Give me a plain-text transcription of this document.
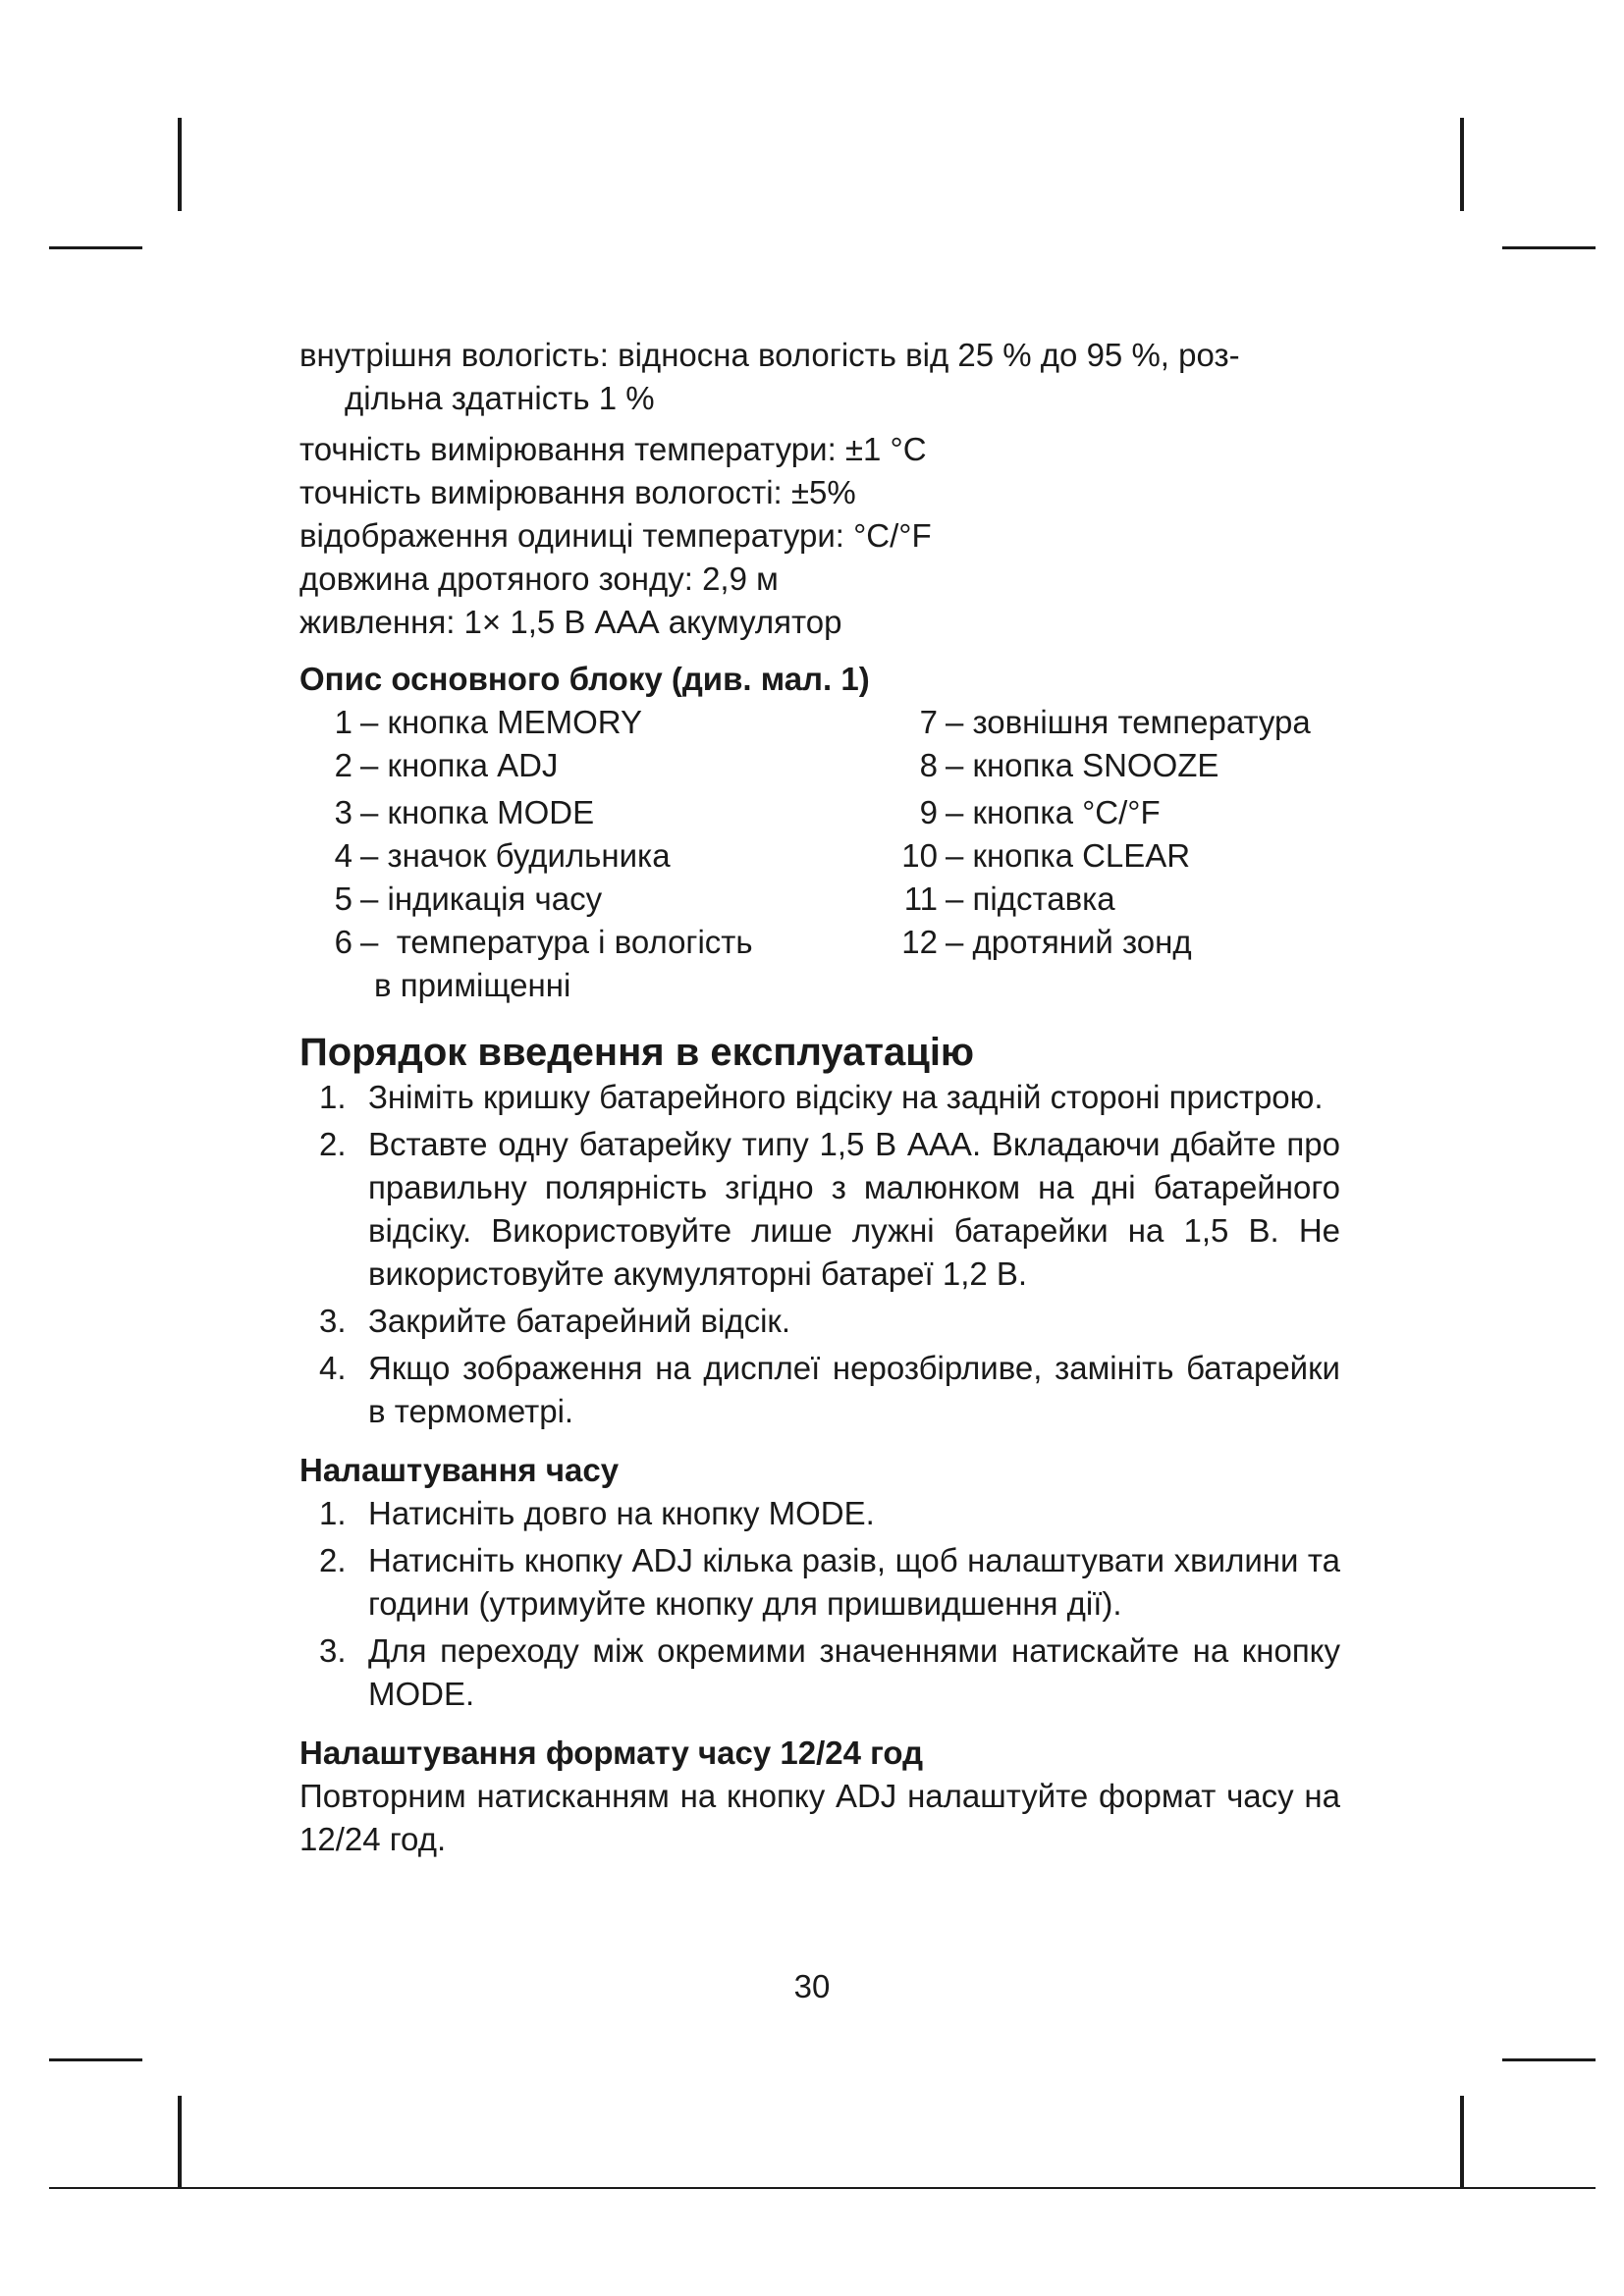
внутрішня вологість: відносна вологість від 25 % до 95 %, роз-
дільна здатність 1 %
точність вимірювання температури: ±1 °C
точність вимірювання вологості: ±5%
відображення одиниці температури: °C/°F
довжина дротяного зонду: 2,9 м
живлення: 1× 1,5 В ААА акумулятор
Опис основного блоку (див. мал. 1)
1 – кнопка MEMORY
2 – кнопка ADJ
3 – кнопка MODE
4 – значок будильника
5 – індикація часу
6 –  температура і вологість
в приміщенні
7 – зовнішня температура
8 – кнопка SNOOZE
9 – кнопка °C/°F
10 – кнопка CLEAR
11 – підставка
12 – дротяний зонд
Порядок введення в експлуатацію
1. Зніміть кришку батарейного відсіку на задній стороні пристрою.
2. Вставте одну батарейку типу 1,5 В ААА. Вкладаючи дбайте про правильну полярність згідно з малюнком на дні батарейного відсіку. Використовуйте лише лужні батарейки на 1,5 В. Не використовуйте акумуляторні батареї 1,2 В.
3. Закрийте батарейний відсік.
4. Якщо зображення на дисплеї нерозбірливе, замініть батарейки в термометрі.
Налаштування часу
1. Натисніть довго на кнопку MODE.
2. Натисніть кнопку ADJ кілька разів, щоб налаштувати хвилини та години (утримуйте кнопку для пришвидшення дії).
3. Для переходу між окремими значеннями натискайте на кнопку MODE.
Налаштування формату часу 12/24 год
Повторним натисканням на кнопку ADJ налаштуйте формат часу на 12/24 год.
30
